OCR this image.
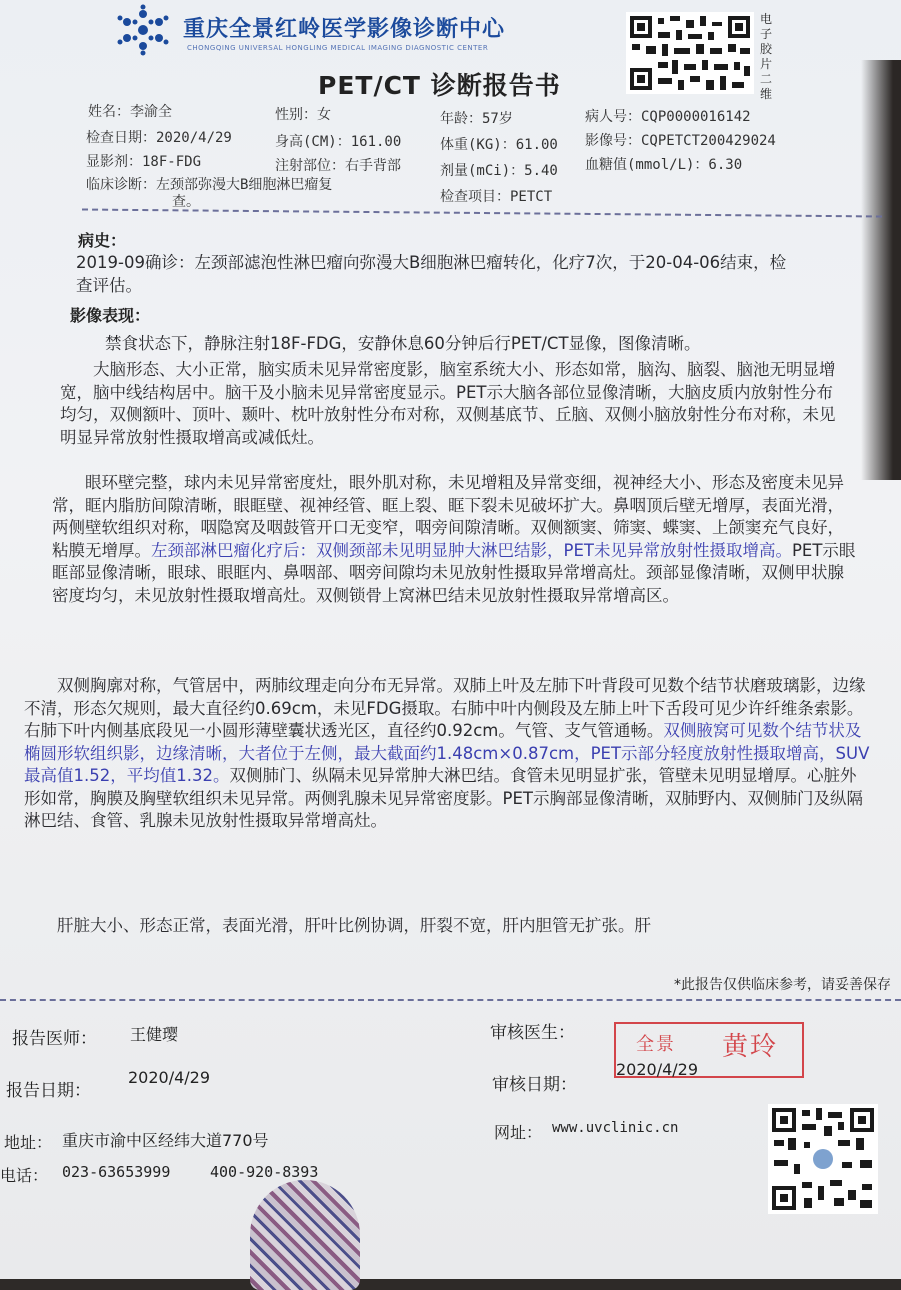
重庆全景红岭医学影像诊断中心
CHONGQING UNIVERSAL HONGLING MEDICAL IMAGING DIAGNOSTIC CENTER
电子胶片二维
PET/CT 诊断报告书
姓名：李渝全	性别：女	年龄：57岁	病人号：CQP0000016142
检查日期：2020/4/29	身高(CM)：161.00	体重(KG)：61.00 影像号：CQPETCT200429024
显影剂：18F-FDG	注射部位：右手背部	剂量(mCi)：5.40 血糖值(mmol/L)：6.30
临床诊断：左颈部弥漫大B细胞淋巴瘤复
查。	检查项目：PETCT
病史：
2019-09确诊：左颈部滤泡性淋巴瘤向弥漫大B细胞淋巴瘤转化，化疗7次，于20-04-06结束，检查评估。
影像表现：
　　禁食状态下，静脉注射18F-FDG，安静休息60分钟后行PET/CT显像，图像清晰。
　　大脑形态、大小正常，脑实质未见异常密度影，脑室系统大小、形态如常，脑沟、脑裂、脑池无明显增宽，脑中线结构居中。脑干及小脑未见异常密度显示。PET示大脑各部位显像清晰，大脑皮质内放射性分布均匀，双侧额叶、顶叶、颞叶、枕叶放射性分布对称，双侧基底节、丘脑、双侧小脑放射性分布对称，未见明显异常放射性摄取增高或减低灶。
　　眼环壁完整，球内未见异常密度灶，眼外肌对称，未见增粗及异常变细，视神经大小、形态及密度未见异常，眶内脂肪间隙清晰，眼眶壁、视神经管、眶上裂、眶下裂未见破坏扩大。鼻咽顶后壁无增厚，表面光滑，两侧壁软组织对称，咽隐窝及咽鼓管开口无变窄，咽旁间隙清晰。双侧额窦、筛窦、蝶窦、上颌窦充气良好，粘膜无增厚。左颈部淋巴瘤化疗后：双侧颈部未见明显肿大淋巴结影，PET未见异常放射性摄取增高。PET示眼眶部显像清晰，眼球、眼眶内、鼻咽部、咽旁间隙均未见放射性摄取异常增高灶。颈部显像清晰，双侧甲状腺密度均匀，未见放射性摄取增高灶。双侧锁骨上窝淋巴结未见放射性摄取异常增高区。
　　双侧胸廓对称，气管居中，两肺纹理走向分布无异常。双肺上叶及左肺下叶背段可见数个结节状磨玻璃影，边缘不清，形态欠规则，最大直径约0.69cm，未见FDG摄取。右肺中叶内侧段及左肺上叶下舌段可见少许纤维条索影。右肺下叶内侧基底段见一小圆形薄壁囊状透光区，直径约0.92cm。气管、支气管通畅。双侧腋窝可见数个结节状及椭圆形软组织影，边缘清晰，大者位于左侧，最大截面约1.48cm×0.87cm，PET示部分轻度放射性摄取增高，SUV最高值1.52，平均值1.32。双侧肺门、纵隔未见异常肿大淋巴结。食管未见明显扩张，管壁未见明显增厚。心脏外形如常，胸膜及胸壁软组织未见异常。两侧乳腺未见异常密度影。PET示胸部显像清晰，双肺野内、双侧肺门及纵隔淋巴结、食管、乳腺未见放射性摄取异常增高灶。
　　肝脏大小、形态正常，表面光滑，肝叶比例协调，肝裂不宽，肝内胆管无扩张。肝
*此报告仅供临床参考，请妥善保存
报告医师： 王健璎	审核医生：
全景 黄玲
报告日期：
2020/4/29	审核日期：
2020/4/29
地址： 重庆市渝中区经纬大道770号	网址： www.uvclinic.cn
电话： 023-63653999	400-920-8393
